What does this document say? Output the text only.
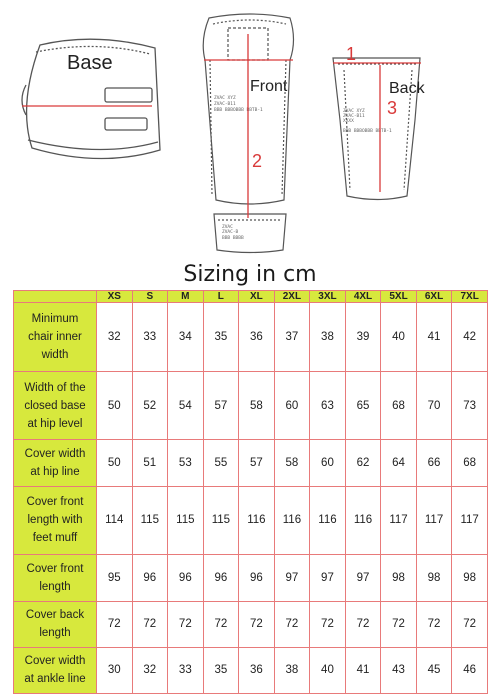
Base
ZVAC XYZ
ZVAC-B11
BBB BBBOBBB BBTB-1
ZVAC
ZVAC-B
BBB BBBB
Front
2
ZVAC XYZ
ZVAC-B11
XXXX
BBB BBBOBBB BBTB-1
1
Back
3
Sizing in cm
	XS	S	M	L	XL	2XL	3XL	4XL	5XL	6XL	7XL

Minimum
chair inner
width	32	33	34	35	36	37	38	39	40	41	42

Width of the
closed base
at hip level	50	52	54	57	58	60	63	65	68	70	73

Cover width
at hip line	50	51	53	55	57	58	60	62	64	66	68

Cover front
length with
feet muff	114	115	115	115	116	116	116	116	117	117	117

Cover front
length	95	96	96	96	96	97	97	97	98	98	98

Cover back
length	72	72	72	72	72	72	72	72	72	72	72

Cover width
at ankle line	30	32	33	35	36	38	40	41	43	45	46
